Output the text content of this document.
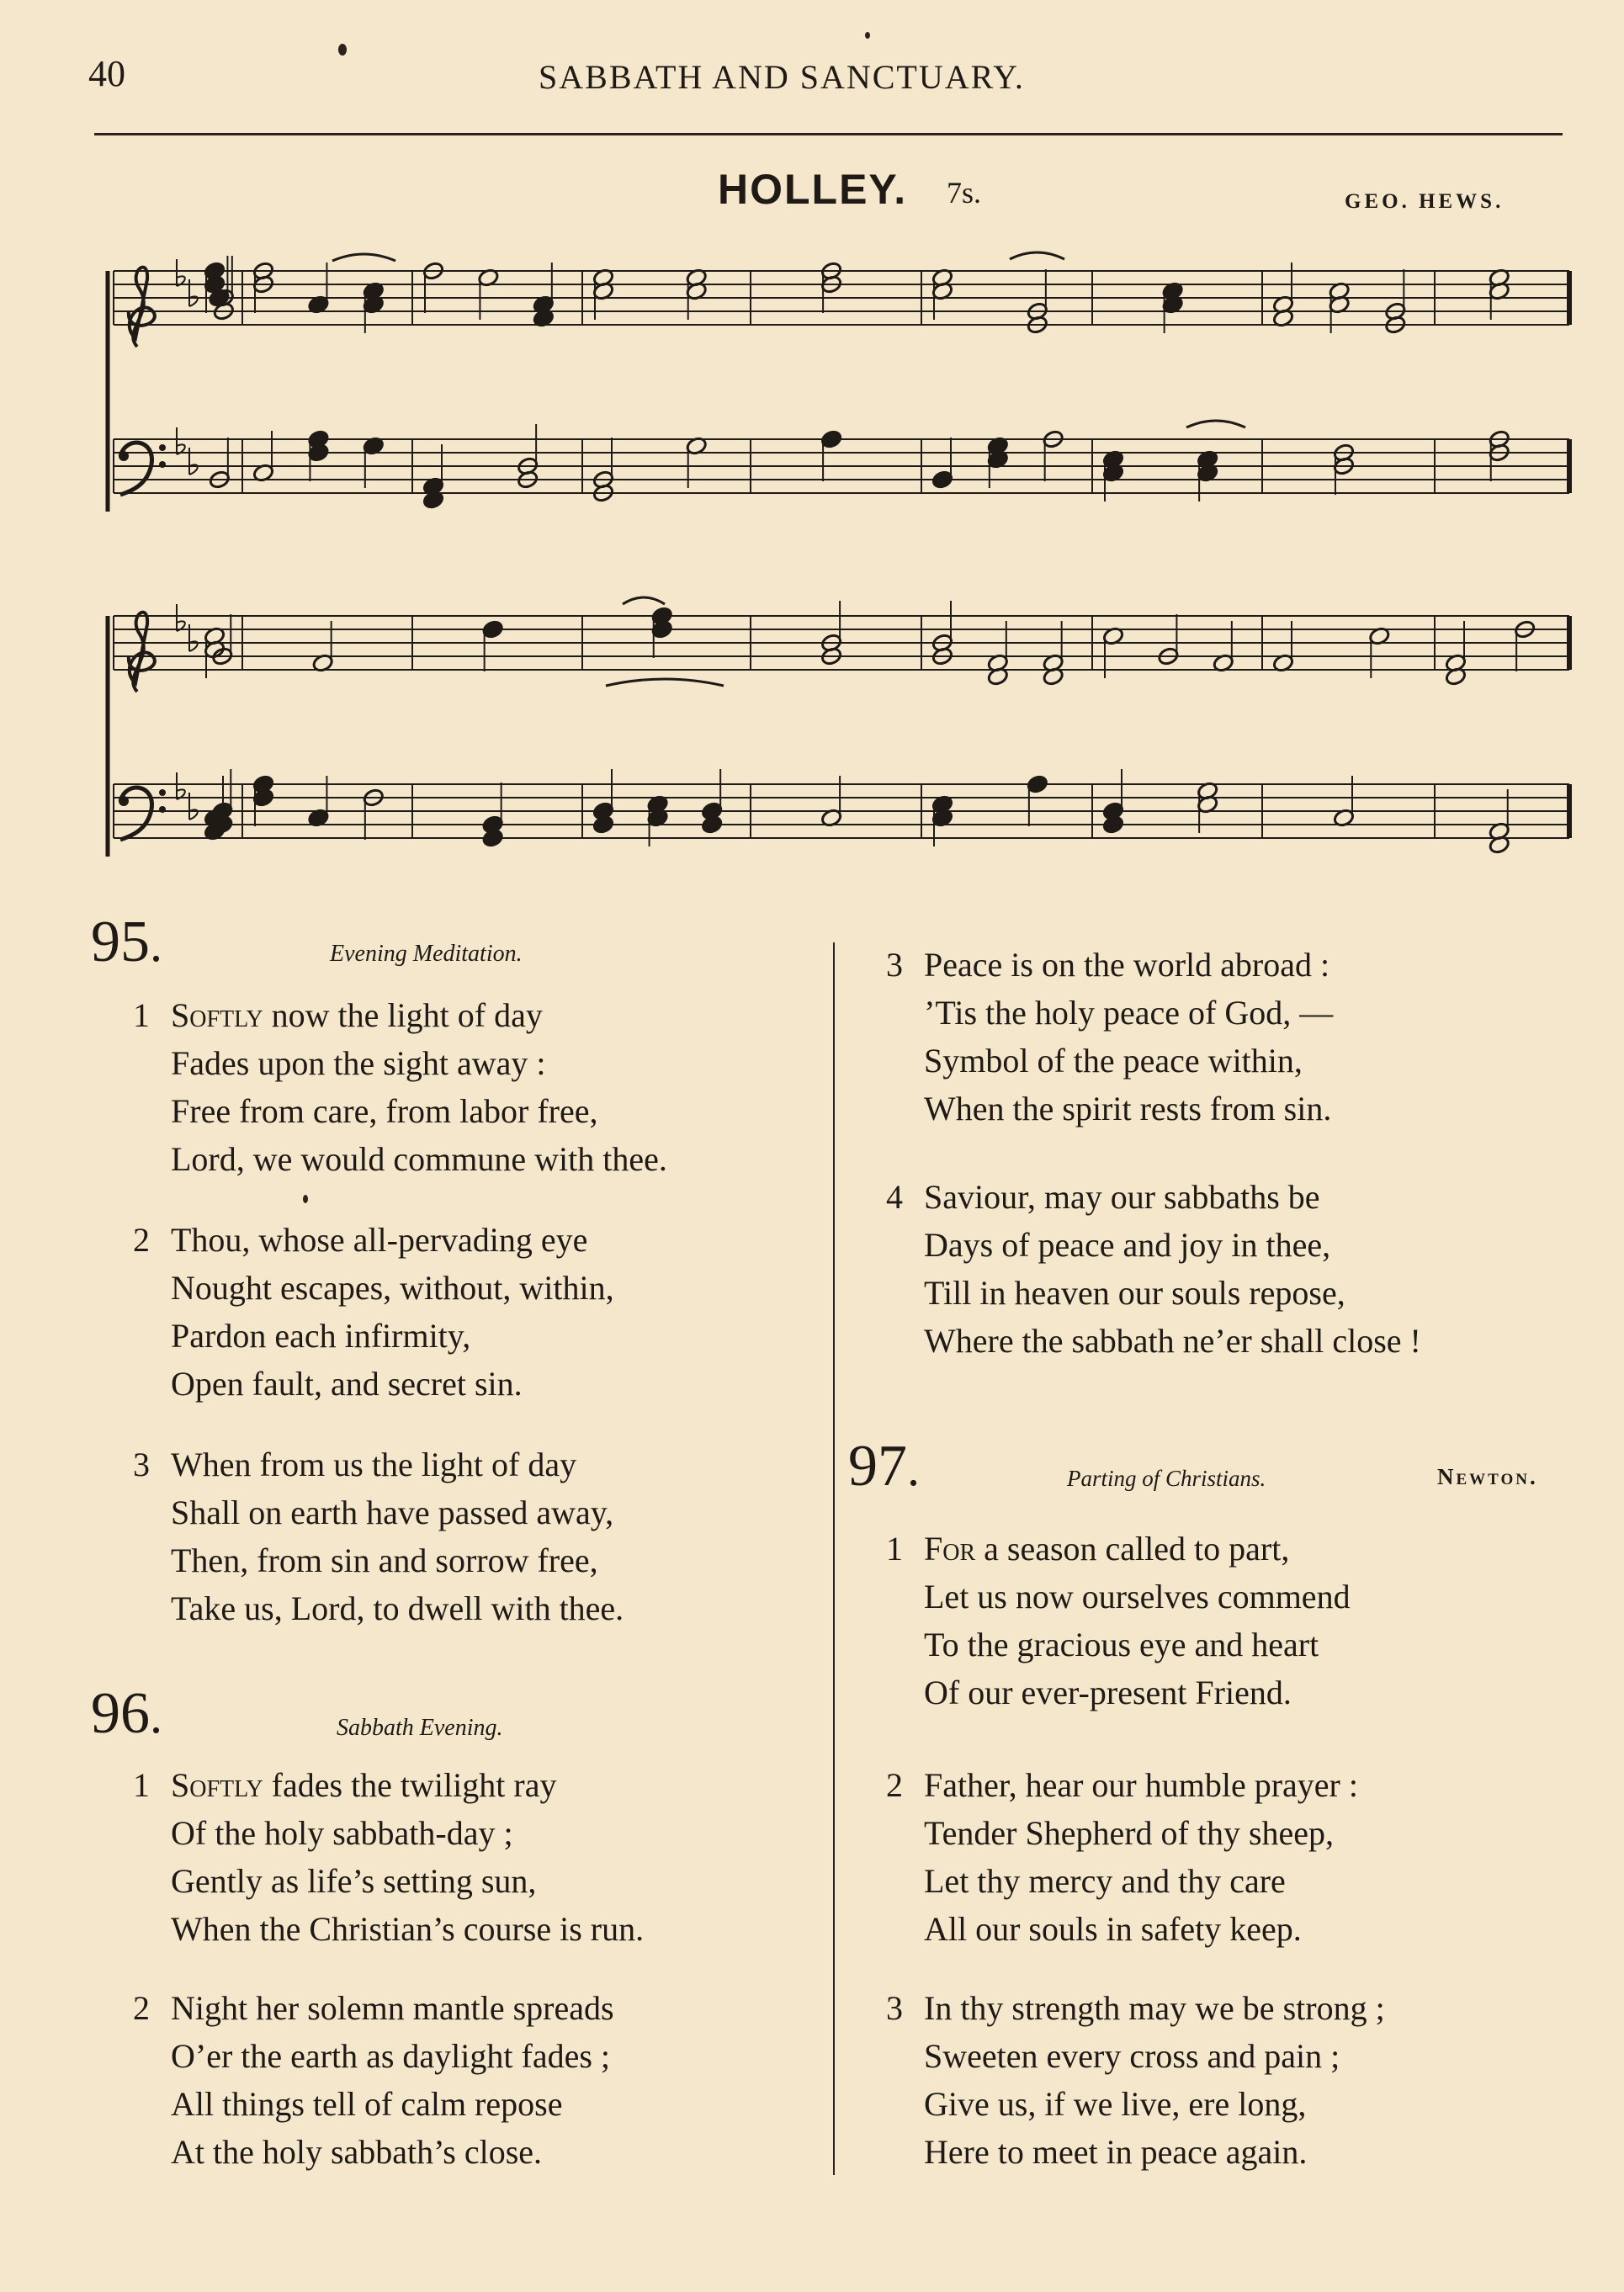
40	SABBATH AND SANCTUARY.
HOLLEY. 7s.	GEO. HEWS.
95.	Evening Meditation.
1 Softly now the light of day
Fades upon the sight away :
Free from care, from labor free,
Lord, we would commune with thee.
2 Thou, whose all-pervading eye
Nought escapes, without, within,
Pardon each infirmity,
Open fault, and secret sin.
3 When from us the light of day
Shall on earth have passed away,
Then, from sin and sorrow free,
Take us, Lord, to dwell with thee.
96.	Sabbath Evening.
1 Softly fades the twilight ray
Of the holy sabbath-day ;
Gently as life’s setting sun,
When the Christian’s course is run.
2 Night her solemn mantle spreads
O’er the earth as daylight fades ;
All things tell of calm repose
At the holy sabbath’s close.
3 Peace is on the world abroad :
’Tis the holy peace of God, —
Symbol of the peace within,
When the spirit rests from sin.
4 Saviour, may our sabbaths be
Days of peace and joy in thee,
Till in heaven our souls repose,
Where the sabbath ne’er shall close !
97.	Parting of Christians.	Newton.
1 For a season called to part,
Let us now ourselves commend
To the gracious eye and heart
Of our ever-present Friend.
2 Father, hear our humble prayer :
Tender Shepherd of thy sheep,
Let thy mercy and thy care
All our souls in safety keep.
3 In thy strength may we be strong ;
Sweeten every cross and pain ;
Give us, if we live, ere long,
Here to meet in peace again.
